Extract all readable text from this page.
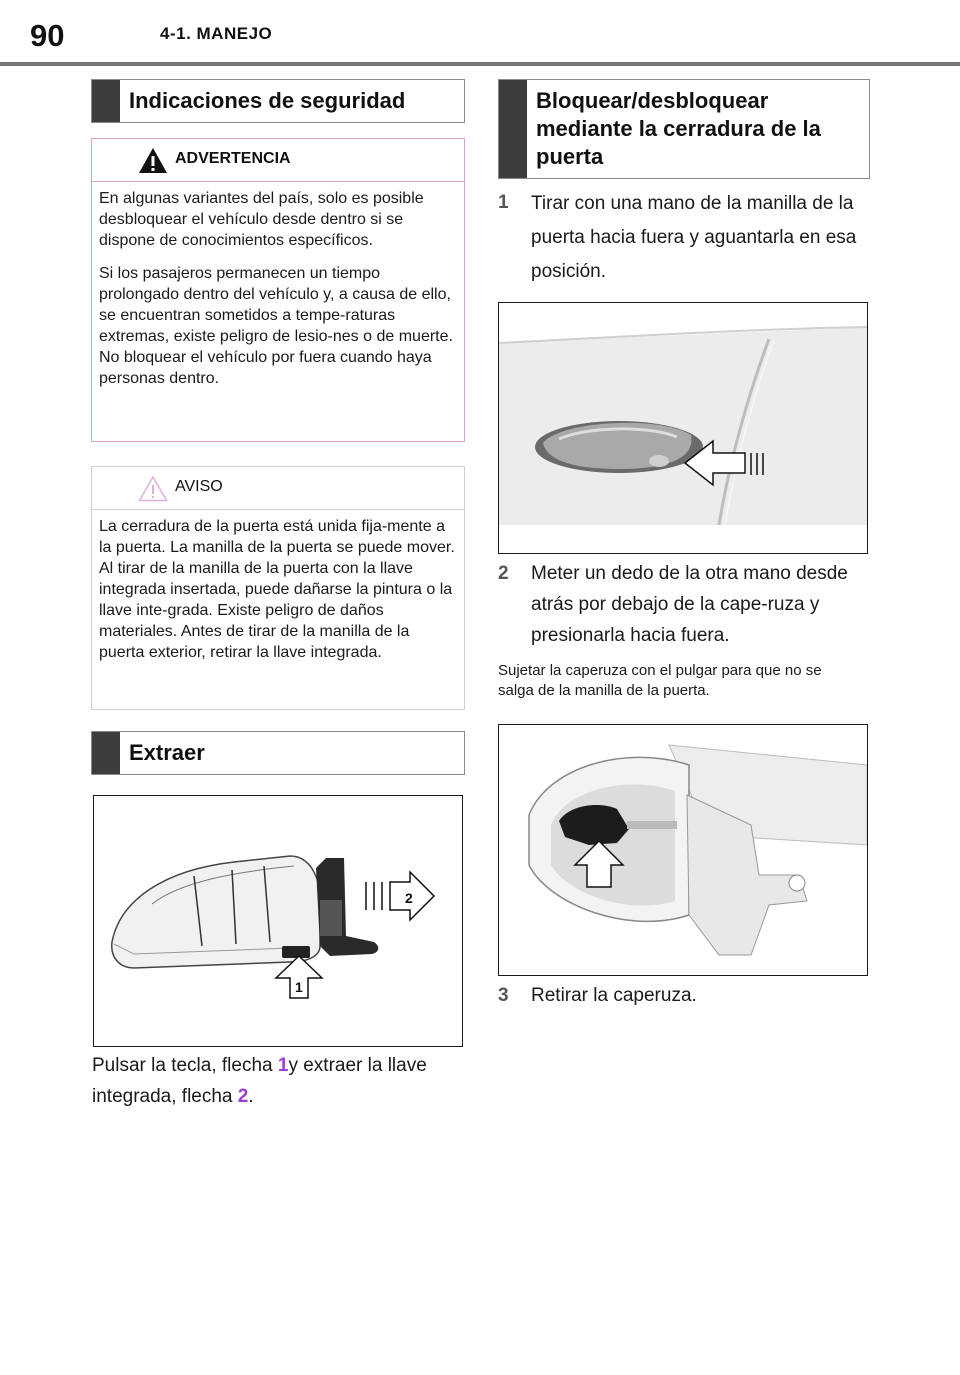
90	4-1. MANEJO
Indicaciones de seguridad
ADVERTENCIA

En algunas variantes del país, solo es posible desbloquear el vehículo desde dentro si se dispone de conocimientos específicos.

Si los pasajeros permanecen un tiempo prolongado dentro del vehículo y, a causa de ello, se encuentran sometidos a tempe-raturas extremas, existe peligro de lesio-nes o de muerte. No bloquear el vehículo por fuera cuando haya personas dentro.

AVISO

La cerradura de la puerta está unida fija-mente a la puerta. La manilla de la puerta se puede mover. Al tirar de la manilla de la puerta con la llave integrada insertada, puede dañarse la pintura o la llave inte-grada. Existe peligro de daños materiales. Antes de tirar de la manilla de la puerta exterior, retirar la llave integrada.

Extraer
1
2
Pulsar la tecla, flecha 1y extraer la llave integrada, flecha 2.
Bloquear/desbloquear mediante la cerradura de la puerta
1 Tirar con una mano de la manilla de la puerta hacia fuera y aguantarla en esa posición.
2 Meter un dedo de la otra mano desde atrás por debajo de la cape-ruza y presionarla hacia fuera.
Sujetar la caperuza con el pulgar para que no se salga de la manilla de la puerta.
3 Retirar la caperuza.
